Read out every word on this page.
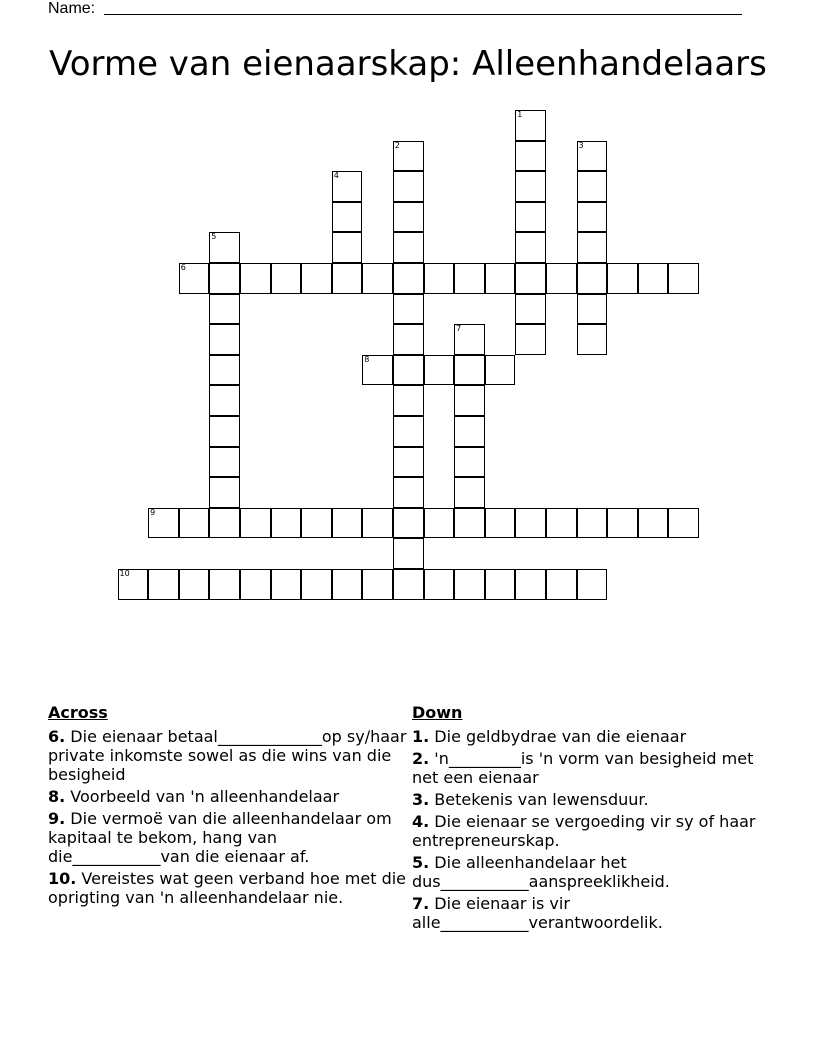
Name:
Vorme van eienaarskap: Alleenhandelaars
1
2	3
4
5
6
7
8
9
10
Across
6. Die eienaar betaal_____________op sy/haar private inkomste sowel as die wins van die besigheid
8. Voorbeeld van 'n alleenhandelaar
9. Die vermoë van die alleenhandelaar om kapitaal te bekom, hang van die___________van die eienaar af.
10. Vereistes wat geen verband hoe met die oprigting van 'n alleenhandelaar nie.
Down
1. Die geldbydrae van die eienaar
2. 'n_________is 'n vorm van besigheid met net een eienaar
3. Betekenis van lewensduur.
4. Die eienaar se vergoeding vir sy of haar entrepreneurskap.
5. Die alleenhandelaar het dus___________aanspreeklikheid.
7. Die eienaar is vir alle___________verantwoordelik.
